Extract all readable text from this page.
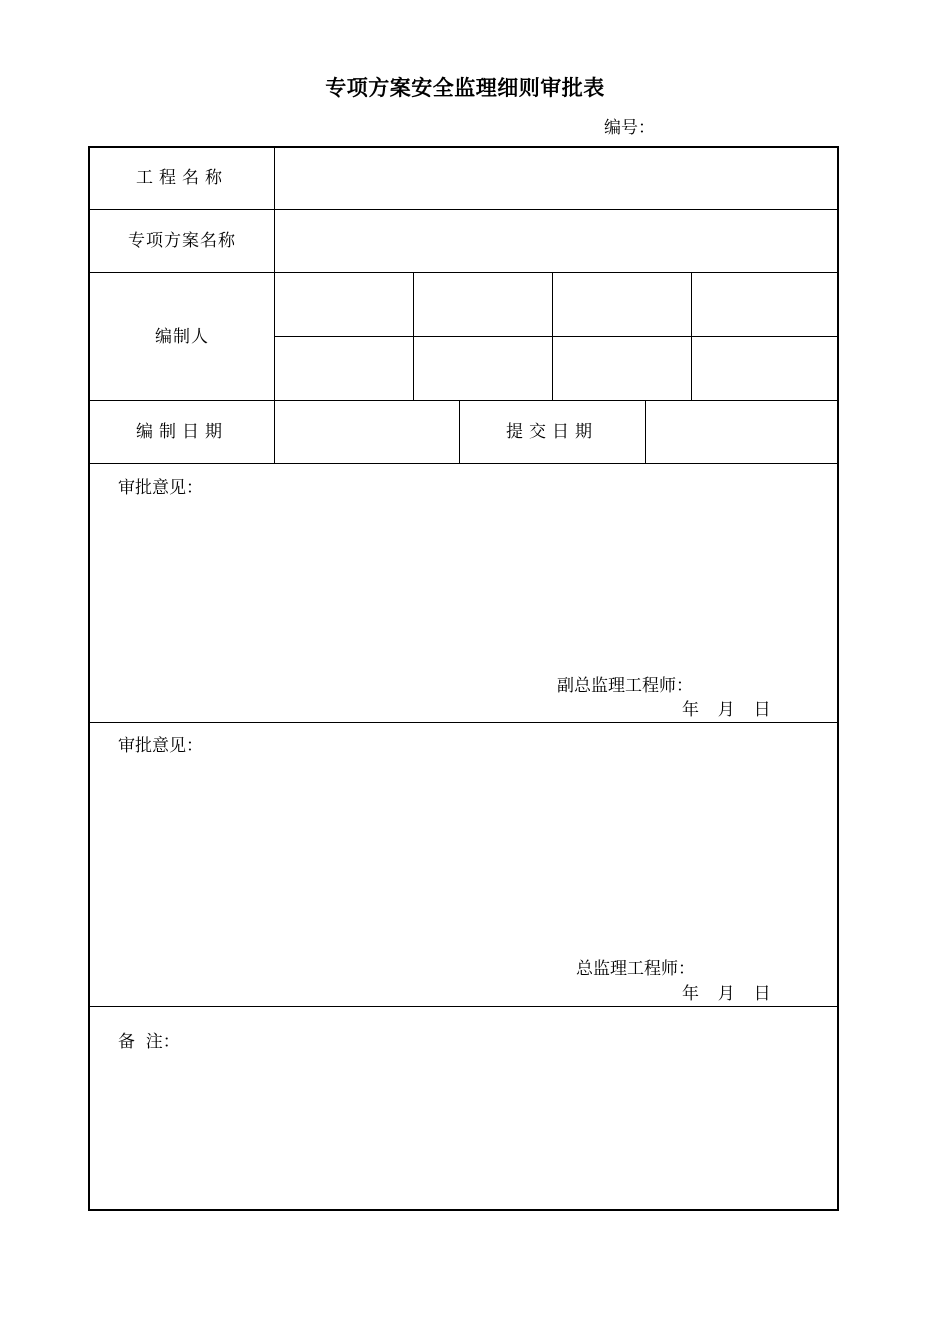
专项方案安全监理细则审批表
编号：
工程名称
专项方案名称
编制人
编制日期	提交日期
审批意见：
副总监理工程师：
年  月  日
审批意见：
总监理工程师：
年  月  日
备  注：
